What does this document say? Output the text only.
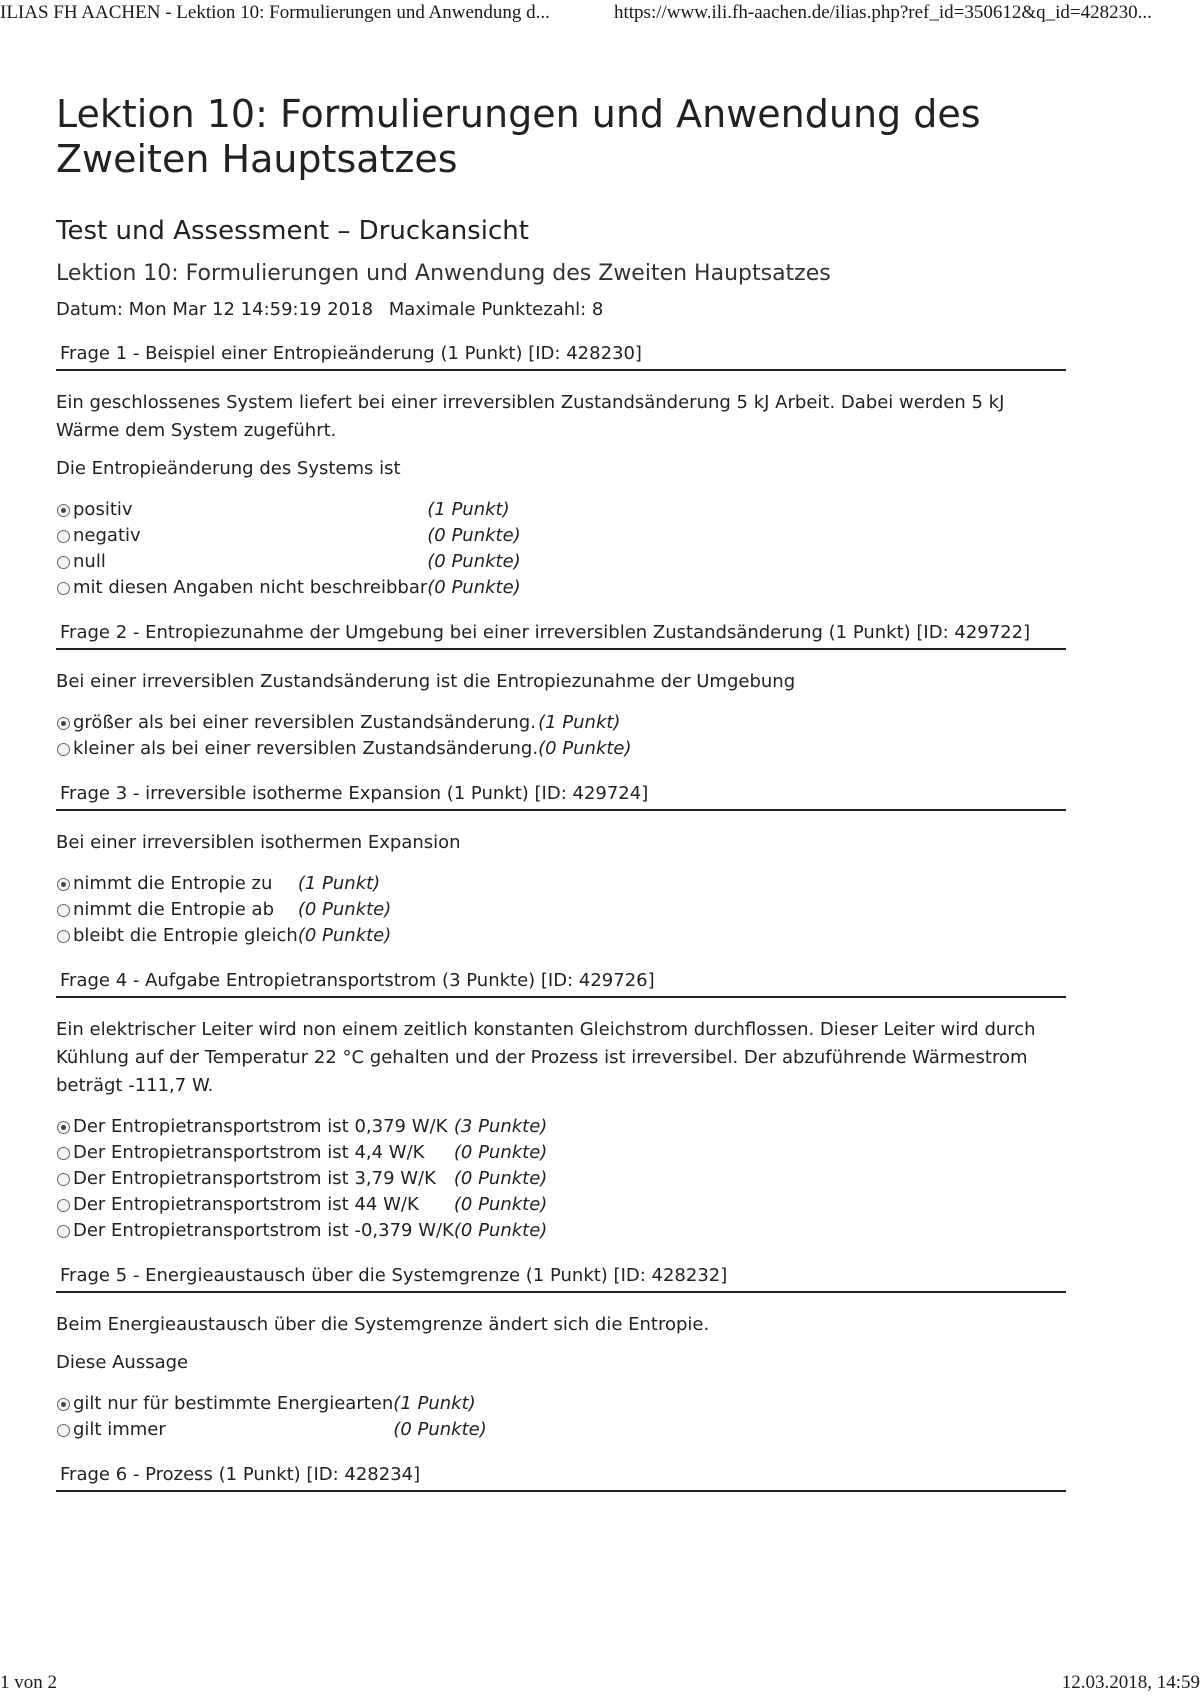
ILIAS FH AACHEN - Lektion 10: Formulierungen und Anwendung d...	https://www.ili.fh-aachen.de/ilias.php?ref_id=350612&q_id=428230...
Lektion 10: Formulierungen und Anwendung des Zweiten Hauptsatzes
Test und Assessment – Druckansicht
Lektion 10: Formulierungen und Anwendung des Zweiten Hauptsatzes
Datum: Mon Mar 12 14:59:19 2018 Maximale Punktezahl: 8
Frage 1 - Beispiel einer Entropieänderung (1 Punkt) [ID: 428230]
Ein geschlossenes System liefert bei einer irreversiblen Zustandsänderung 5 kJ Arbeit. Dabei werden 5 kJ Wärme dem System zugeführt.
Die Entropieänderung des Systems ist
positiv	(1 Punkt)
negativ	(0 Punkte)
null	(0 Punkte)
mit diesen Angaben nicht beschreibbar	(0 Punkte)
Frage 2 - Entropiezunahme der Umgebung bei einer irreversiblen Zustandsänderung (1 Punkt) [ID: 429722]
Bei einer irreversiblen Zustandsänderung ist die Entropiezunahme der Umgebung
größer als bei einer reversiblen Zustandsänderung.	(1 Punkt)
kleiner als bei einer reversiblen Zustandsänderung.	(0 Punkte)
Frage 3 - irreversible isotherme Expansion (1 Punkt) [ID: 429724]
Bei einer irreversiblen isothermen Expansion
nimmt die Entropie zu	(1 Punkt)
nimmt die Entropie ab	(0 Punkte)
bleibt die Entropie gleich	(0 Punkte)
Frage 4 - Aufgabe Entropietransportstrom (3 Punkte) [ID: 429726]
Ein elektrischer Leiter wird non einem zeitlich konstanten Gleichstrom durchflossen. Dieser Leiter wird durch Kühlung auf der Temperatur 22 °C gehalten und der Prozess ist irreversibel. Der abzuführende Wärmestrom beträgt -111,7 W.
Der Entropietransportstrom ist 0,379 W/K	(3 Punkte)
Der Entropietransportstrom ist 4,4 W/K	(0 Punkte)
Der Entropietransportstrom ist 3,79 W/K	(0 Punkte)
Der Entropietransportstrom ist 44 W/K	(0 Punkte)
Der Entropietransportstrom ist -0,379 W/K	(0 Punkte)
Frage 5 - Energieaustausch über die Systemgrenze (1 Punkt) [ID: 428232]
Beim Energieaustausch über die Systemgrenze ändert sich die Entropie.
Diese Aussage
gilt nur für bestimmte Energiearten	(1 Punkt)
gilt immer	(0 Punkte)
Frage 6 - Prozess (1 Punkt) [ID: 428234]
1 von 2	12.03.2018, 14:59
